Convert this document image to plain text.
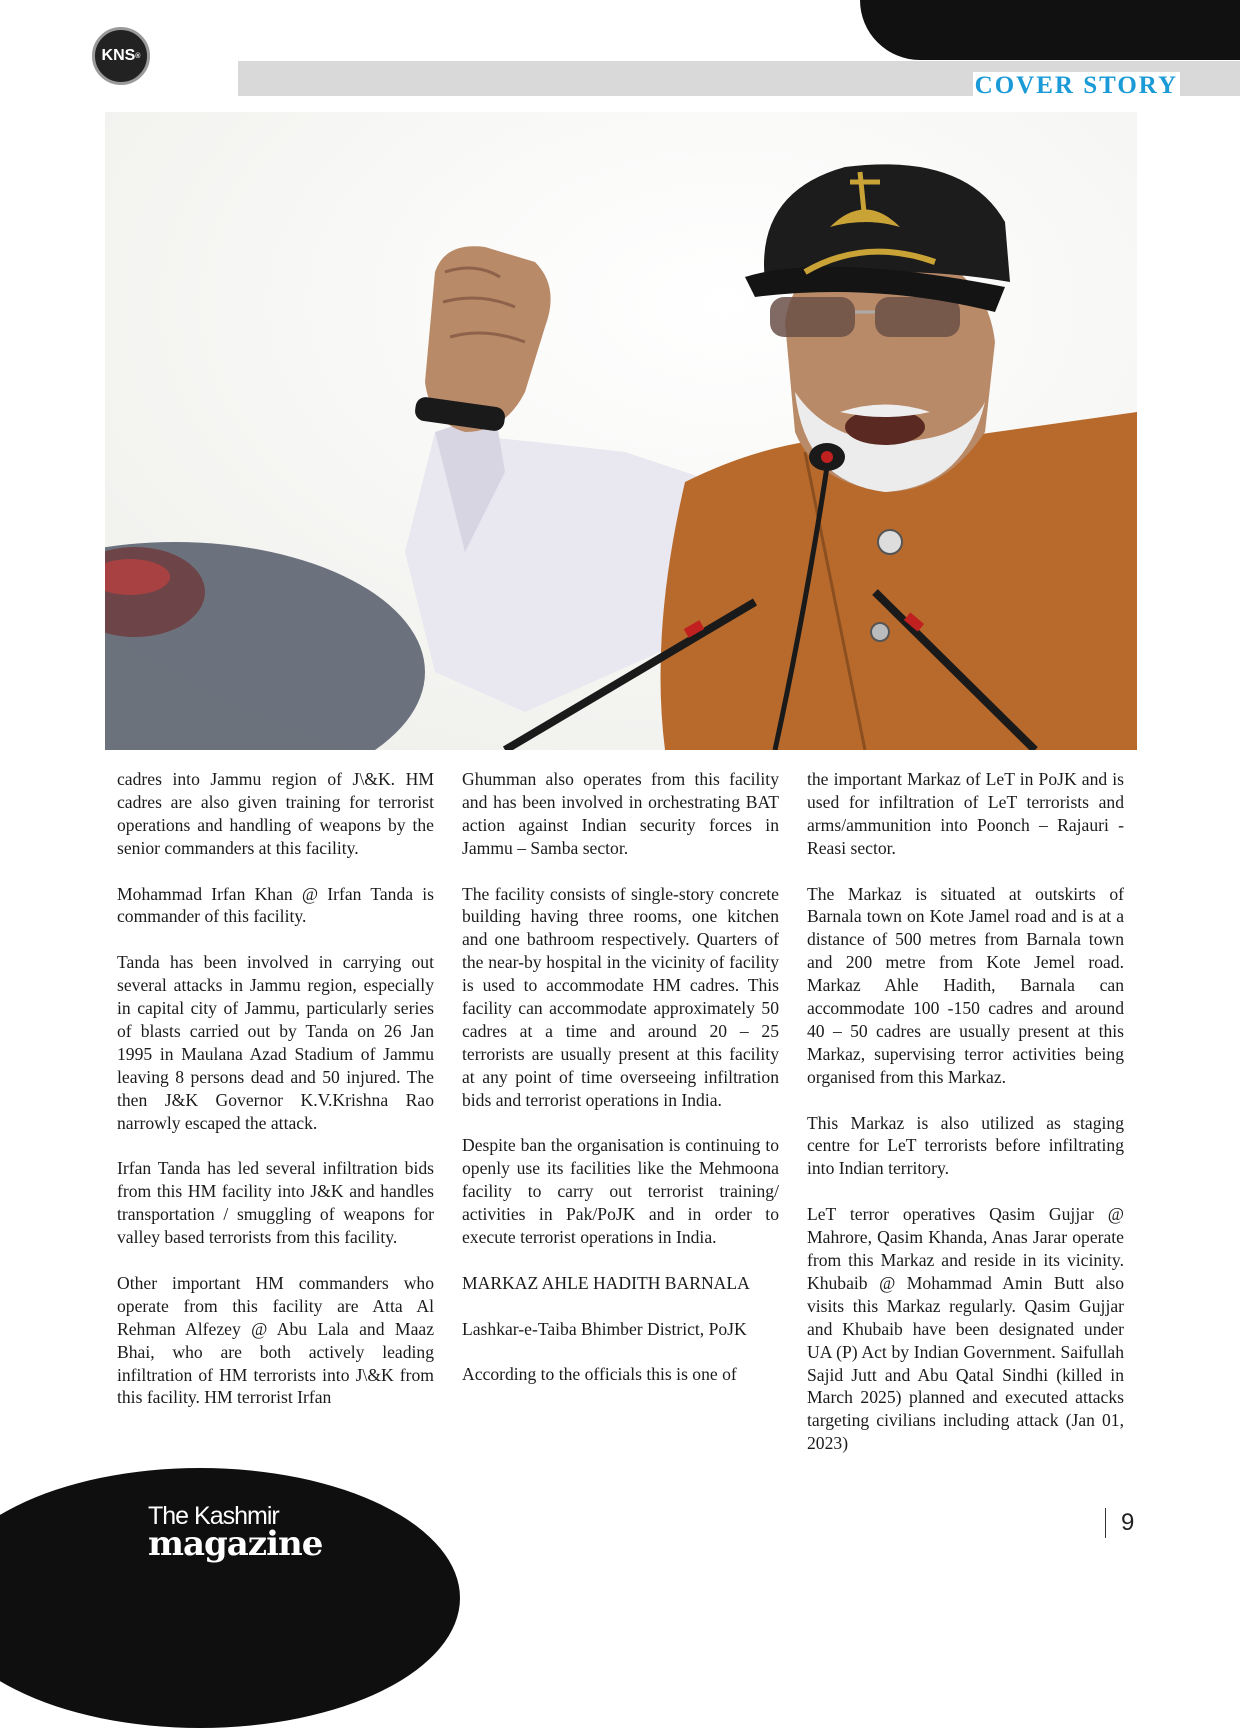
KNS ®
COVER STORY

cadres into Jammu region of J\&K. HM cadres are also given training for terrorist operations and handling of weapons by the senior commanders at this facility.

Mohammad Irfan Khan @ Irfan Tanda is commander of this facility.

Tanda has been involved in carrying out several attacks in Jammu region, especially in capital city of Jammu, particularly series of blasts carried out by Tanda on 26 Jan 1995 in Maulana Azad Stadium of Jammu leaving 8 persons dead and 50 injured. The then J&K Governor K.V.Krishna Rao narrowly escaped the attack.

Irfan Tanda has led several infiltration bids from this HM facility into J&K and handles transportation / smuggling of weapons for valley based terrorists from this facility.

Other important HM commanders who operate from this facility are Atta Al Rehman Alfezey @ Abu Lala and Maaz Bhai, who are both actively leading infiltration of HM terrorists into J\&K from this facility. HM terrorist Irfan

Ghumman also operates from this facility and has been involved in orchestrating BAT action against Indian security forces in Jammu – Samba sector.

The facility consists of single-story concrete building having three rooms, one kitchen and one bathroom respectively. Quarters of the near-by hospital in the vicinity of facility is used to accommodate HM cadres. This facility can accommodate approximately 50 cadres at a time and around 20 – 25 terrorists are usually present at this facility at any point of time overseeing infiltration bids and terrorist operations in India.

Despite ban the organisation is continuing to openly use its facilities like the Mehmoona facility to carry out terrorist training/ activities in Pak/PoJK and in order to execute terrorist operations in India.

MARKAZ AHLE HADITH BARNALA

Lashkar-e-Taiba Bhimber District, PoJK

According to the officials this is one of

the important Markaz of LeT in PoJK and is used for infiltration of LeT terrorists and arms/ammunition into Poonch – Rajauri - Reasi sector.

The Markaz is situated at outskirts of Barnala town on Kote Jamel road and is at a distance of 500 metres from Barnala town and 200 metre from Kote Jemel road. Markaz Ahle Hadith, Barnala can accommodate 100 -150 cadres and around 40 – 50 cadres are usually present at this Markaz, supervising terror activities being organised from this Markaz.

This Markaz is also utilized as staging centre for LeT terrorists before infiltrating into Indian territory.

LeT terror operatives Qasim Gujjar @ Mahrore, Qasim Khanda, Anas Jarar operate from this Markaz and reside in its vicinity. Khubaib @ Mohammad Amin Butt also visits this Markaz regularly. Qasim Gujjar and Khubaib have been designated under UA (P) Act by Indian Government. Saifullah Sajid Jutt and Abu Qatal Sindhi (killed in March 2025) planned and executed attacks targeting civilians including attack (Jan 01, 2023)

The Kashmir
magazine
9
